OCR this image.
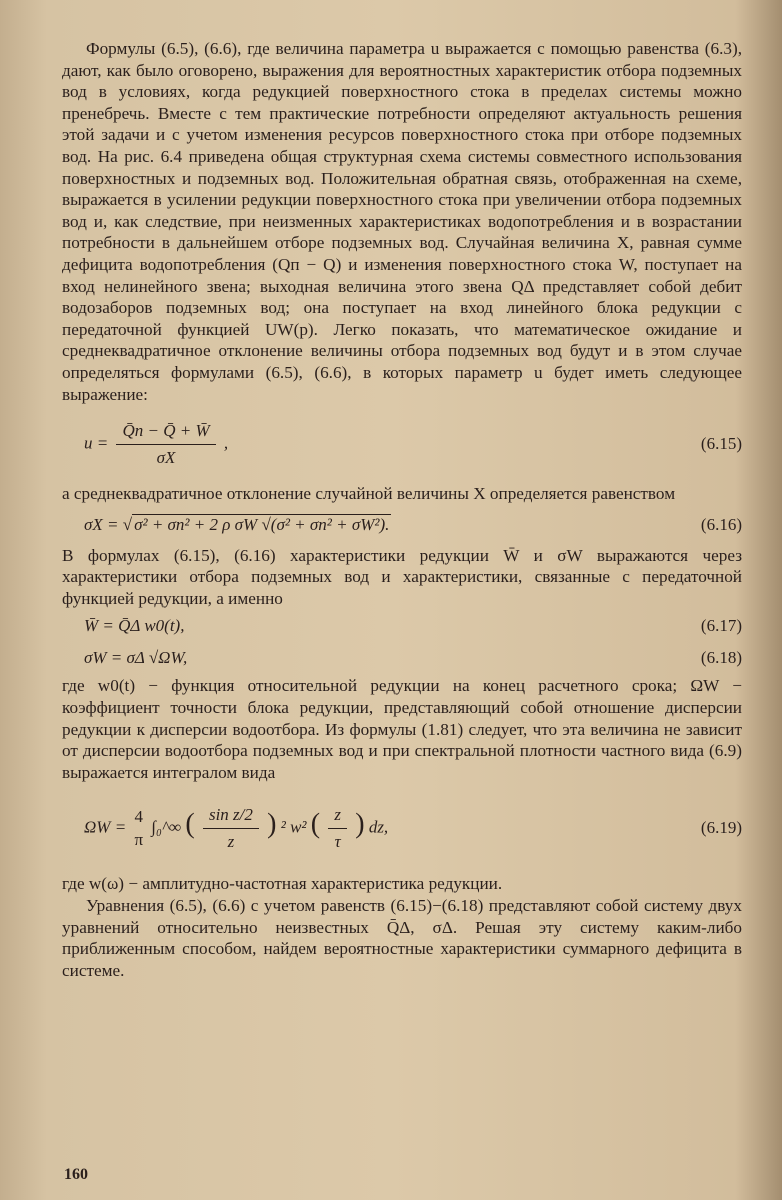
Формулы (6.5), (6.6), где величина параметра u выражается с помощью равенства (6.3), дают, как было оговорено, выражения для вероятностных характеристик отбора подземных вод в условиях, когда редукцией поверхностного стока в пределах системы можно пренебречь. Вместе с тем практические потребности определяют актуальность решения этой задачи и с учетом изменения ресурсов поверхностного стока при отборе подземных вод. На рис. 6.4 приведена общая структурная схема системы совместного использования поверхностных и подземных вод. Положительная обратная связь, отображенная на схеме, выражается в усилении редукции поверхностного стока при увеличении отбора подземных вод и, как следствие, при неизменных характеристиках водопотребления и в возрастании потребности в дальнейшем отборе подземных вод. Случайная величина X, равная сумме дефицита водопотребления (Qп − Q) и изменения поверхностного стока W, поступает на вход нелинейного звена; выходная величина этого звена QΔ представляет собой дебит водозаборов подземных вод; она поступает на вход линейного блока редукции с передаточной функцией UW(p). Легко показать, что математическое ожидание и среднеквадратичное отклонение величины отбора подземных вод будут и в этом случае определяться формулами (6.5), (6.6), в которых параметр u будет иметь следующее выражение:

$u = \frac{Q̄п - Q̄ + W̄}{\sigma X}$ ,	(6.15)

а среднеквадратичное отклонение случайной величины X определяется равенством

σX = √ σ² + σп² + 2 ρ σW √(σ² + σп² + σW²).	(6.16)

В формулах (6.15), (6.16) характеристики редукции W̄ и σW выражаются через характеристики отбора подземных вод и характеристики, связанные с передаточной функцией редукции, а именно

W̄ = Q̄Δ w0(t),	(6.17)
σW = σΔ √ΩW,	(6.18)

где w0(t) − функция относительной редукции на конец расчетного срока; ΩW − коэффициент точности блока редукции, представляющий собой отношение дисперсии редукции к дисперсии водоотбора. Из формулы (1.81) следует, что эта величина не зависит от дисперсии водоотбора подземных вод и при спектральной плотности частного вида (6.9) выражается интегралом вида

ΩW =
4
π
∫₀^∞ ( $\frac{\text{sin z/2}}{z}$ ) ² w² ( $\frac{z}{\tau}$ ) dz,	(6.19)

где w(ω) − амплитудно-частотная характеристика редукции.

Уравнения (6.5), (6.6) с учетом равенств (6.15)−(6.18) представляют собой систему двух уравнений относительно неизвестных Q̄Δ, σΔ. Решая эту систему каким-либо приближенным способом, найдем вероятностные характеристики суммарного дефицита в системе.

160
